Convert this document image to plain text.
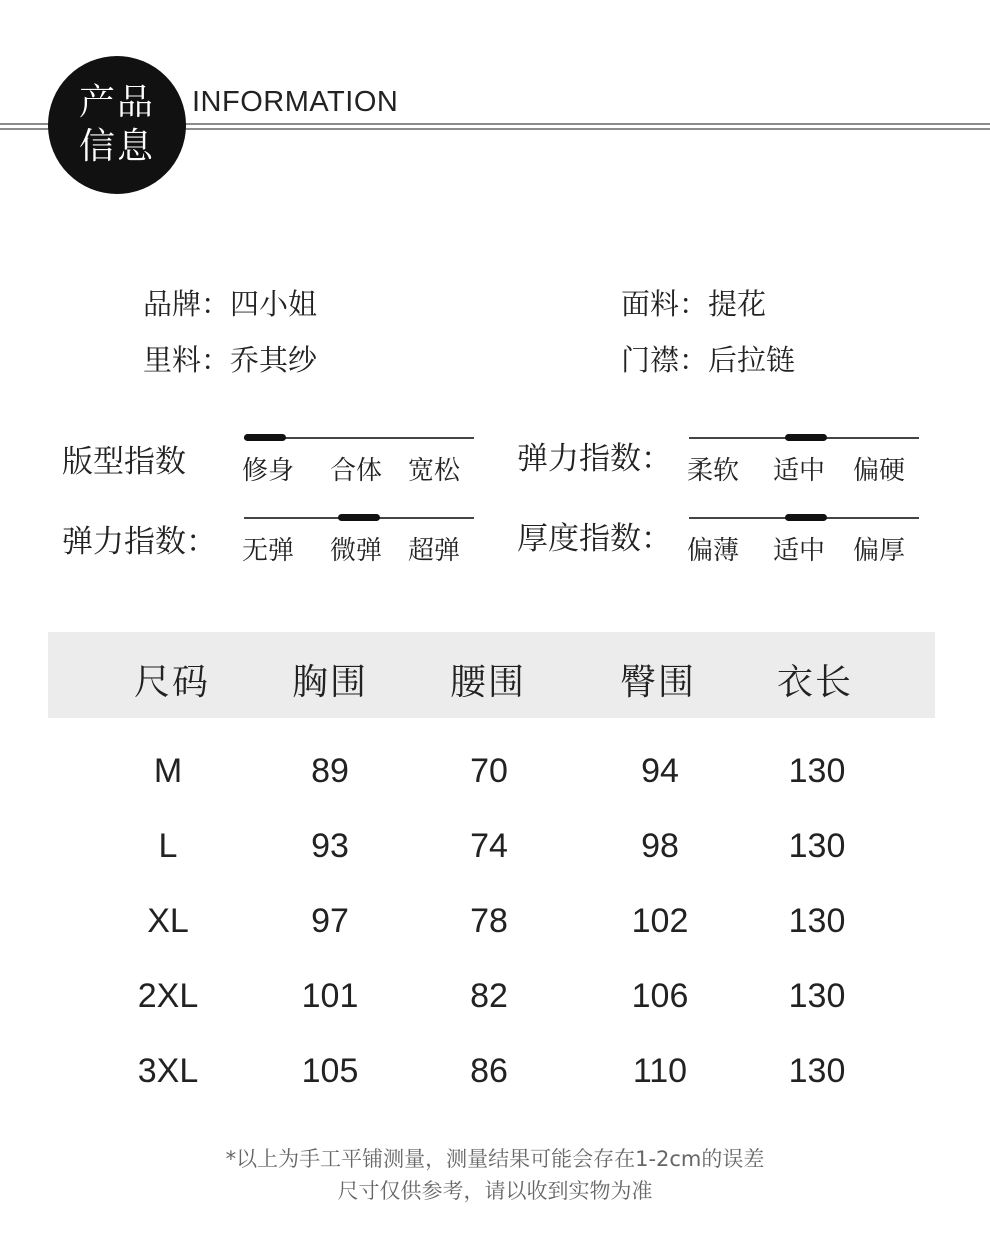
产品
信息
INFORMATION
品牌：四小姐	面料：提花
里料：乔其纱	门襟：后拉链
版型指数 修身 合体 宽松 弹力指数： 柔软 适中 偏硬
弹力指数： 无弹 微弹 超弹 厚度指数： 偏薄 适中 偏厚
尺码 胸围 腰围	臀围 衣长
M	89	70	94	130
L	93	74	98	130
XL	97	78	102	130
2XL	101	82	106	130
3XL	105	86	110	130
*以上为手工平铺测量，测量结果可能会存在1-2cm的误差
尺寸仅供参考，请以收到实物为准
